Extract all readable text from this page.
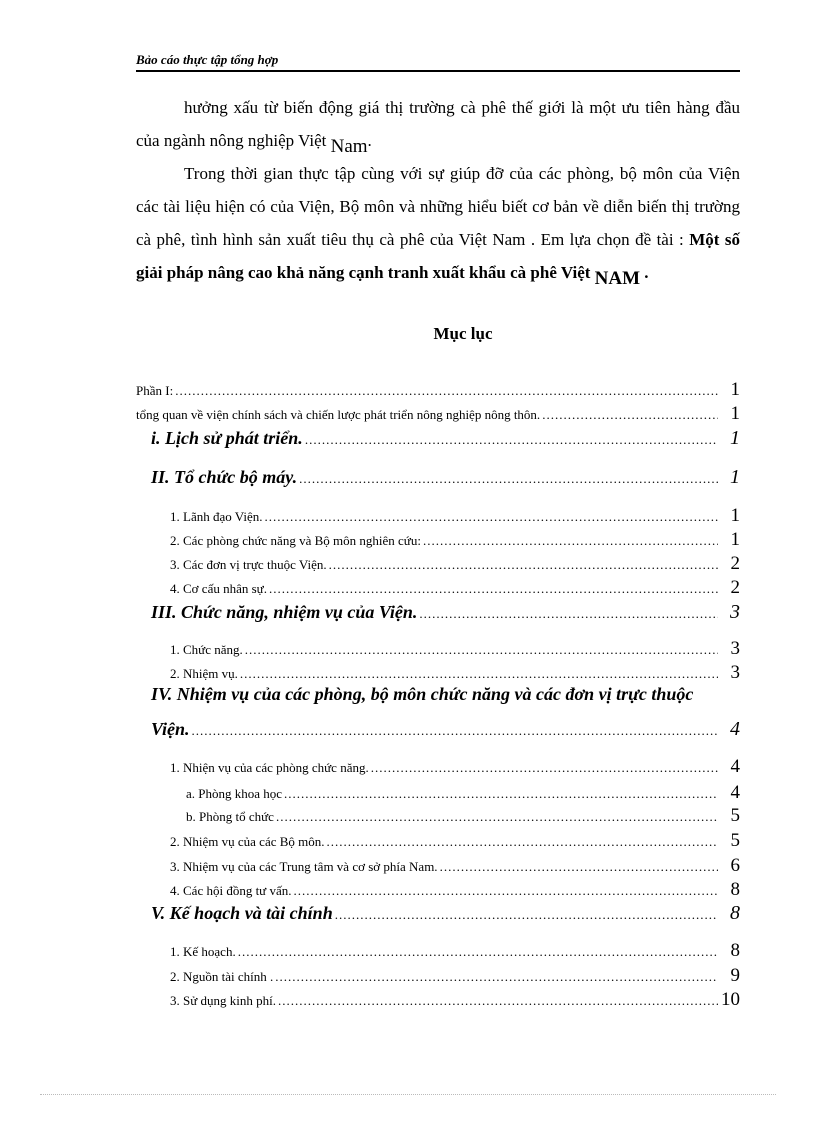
Bảo cáo thực tập tổng hợp
hưởng xấu từ biến động giá thị trường cà phê thế giới là một ưu tiên hàng đầu của ngành nông nghiệp Việt Nam.
Trong thời gian thực tập cùng với sự giúp đỡ của các phòng, bộ môn của Viện các tài liệu hiện có của Viện, Bộ môn và những hiểu biết cơ bản về diễn biến thị trường cà phê, tình hình sản xuất tiêu thụ cà phê của Việt Nam . Em lựa chọn đề tài : Một số giải pháp nâng cao khả năng cạnh tranh xuất khẩu cà phê Việt NAM .
Mục lục
Phần I: .....	1
tổng quan về viện chính sách và chiến lược phát triển nông nghiệp nông thôn. .....	1
i. Lịch sử phát triển. .....	1
II. Tổ chức bộ máy. .....	1
1. Lãnh đạo Viện. .....	1
2. Các phòng chức năng và Bộ môn nghiên cứu: .....	1
3. Các đơn vị trực thuộc Viện. .....	2
4. Cơ cấu nhân sự. .....	2
III. Chức năng, nhiệm vụ của Viện. .....	3
1. Chức năng. .....	3
2. Nhiệm vụ. .....	3
IV. Nhiệm vụ của các phòng, bộ môn chức năng và các đơn vị trực thuộc
Viện. .....	4
1. Nhiện vụ của các phòng chức năng. .....	4
a. Phòng khoa học .....	4
b. Phòng tổ chức .....	5
2. Nhiệm vụ của các Bộ môn. .....	5
3. Nhiệm vụ của các Trung tâm và cơ sở phía Nam. .....	6
4. Các hội đồng tư vấn. .....	8
V. Kế hoạch và tài chính .....	8
1. Kế hoạch. .....	8
2. Nguồn tài chính . .....	9
3. Sử dụng kinh phí. .....	10
